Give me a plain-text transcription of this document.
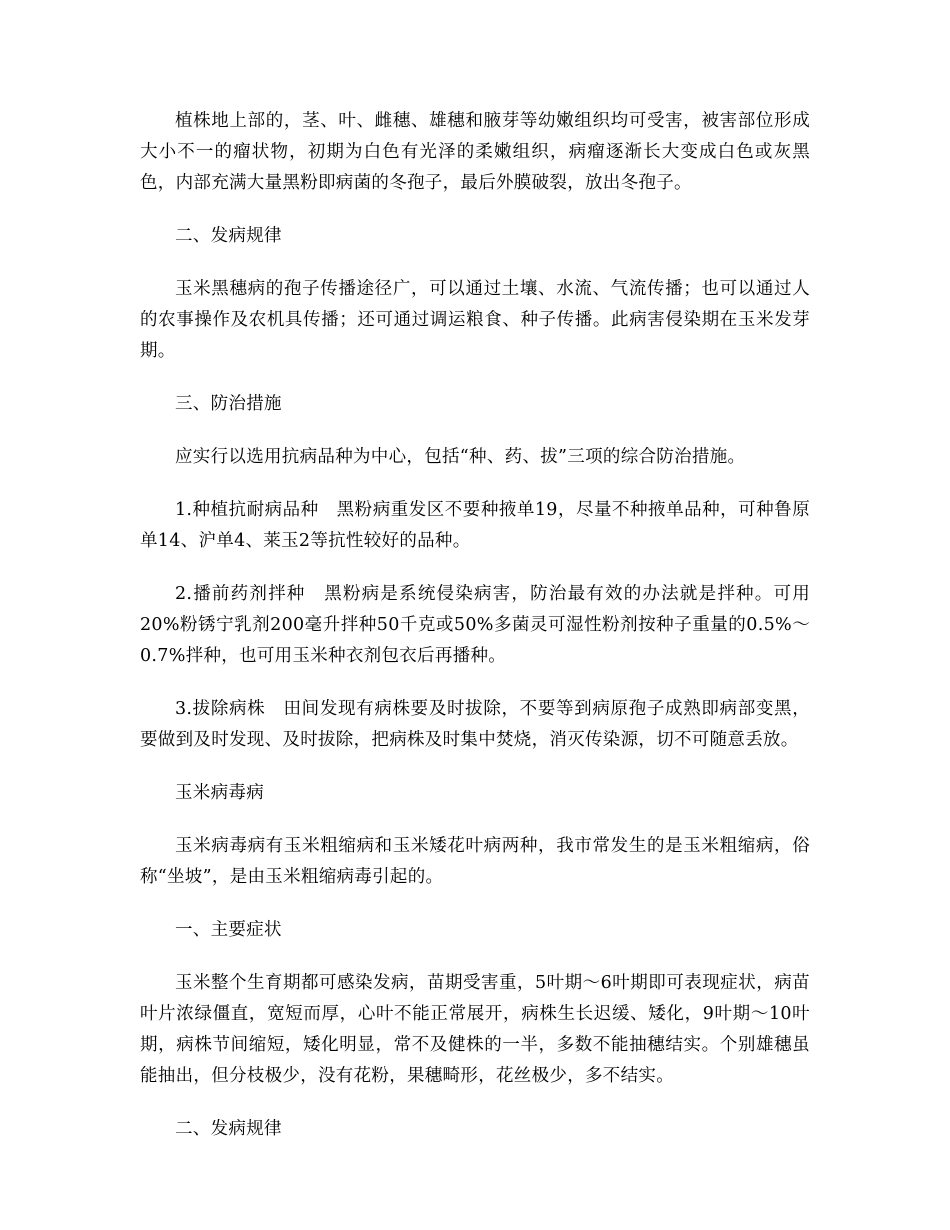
植株地上部的，茎、叶、雌穗、雄穗和腋芽等幼嫩组织均可受害，被害部位形成大小不一的瘤状物，初期为白色有光泽的柔嫩组织，病瘤逐渐长大变成白色或灰黑色，内部充满大量黑粉即病菌的冬孢子，最后外膜破裂，放出冬孢子。

二、发病规律

玉米黑穗病的孢子传播途径广，可以通过土壤、水流、气流传播；也可以通过人的农事操作及农机具传播；还可通过调运粮食、种子传播。此病害侵染期在玉米发芽期。

三、防治措施

应实行以选用抗病品种为中心，包括“种、药、拔”三项的综合防治措施。

1.种植抗耐病品种　黑粉病重发区不要种掖单19，尽量不种掖单品种，可种鲁原单14、沪单4、莱玉2等抗性较好的品种。

2.播前药剂拌种　黑粉病是系统侵染病害，防治最有效的办法就是拌种。可用20%粉锈宁乳剂200毫升拌种50千克或50%多菌灵可湿性粉剂按种子重量的0.5%～0.7%拌种，也可用玉米种衣剂包衣后再播种。

3.拔除病株　田间发现有病株要及时拔除，不要等到病原孢子成熟即病部变黑，要做到及时发现、及时拔除，把病株及时集中焚烧，消灭传染源，切不可随意丢放。

玉米病毒病

玉米病毒病有玉米粗缩病和玉米矮花叶病两种，我市常发生的是玉米粗缩病，俗称“坐坡”，是由玉米粗缩病毒引起的。

一、主要症状

玉米整个生育期都可感染发病，苗期受害重，5叶期～6叶期即可表现症状，病苗叶片浓绿僵直，宽短而厚，心叶不能正常展开，病株生长迟缓、矮化，9叶期～10叶期，病株节间缩短，矮化明显，常不及健株的一半，多数不能抽穗结实。个别雄穗虽能抽出，但分枝极少，没有花粉，果穗畸形，花丝极少，多不结实。

二、发病规律
